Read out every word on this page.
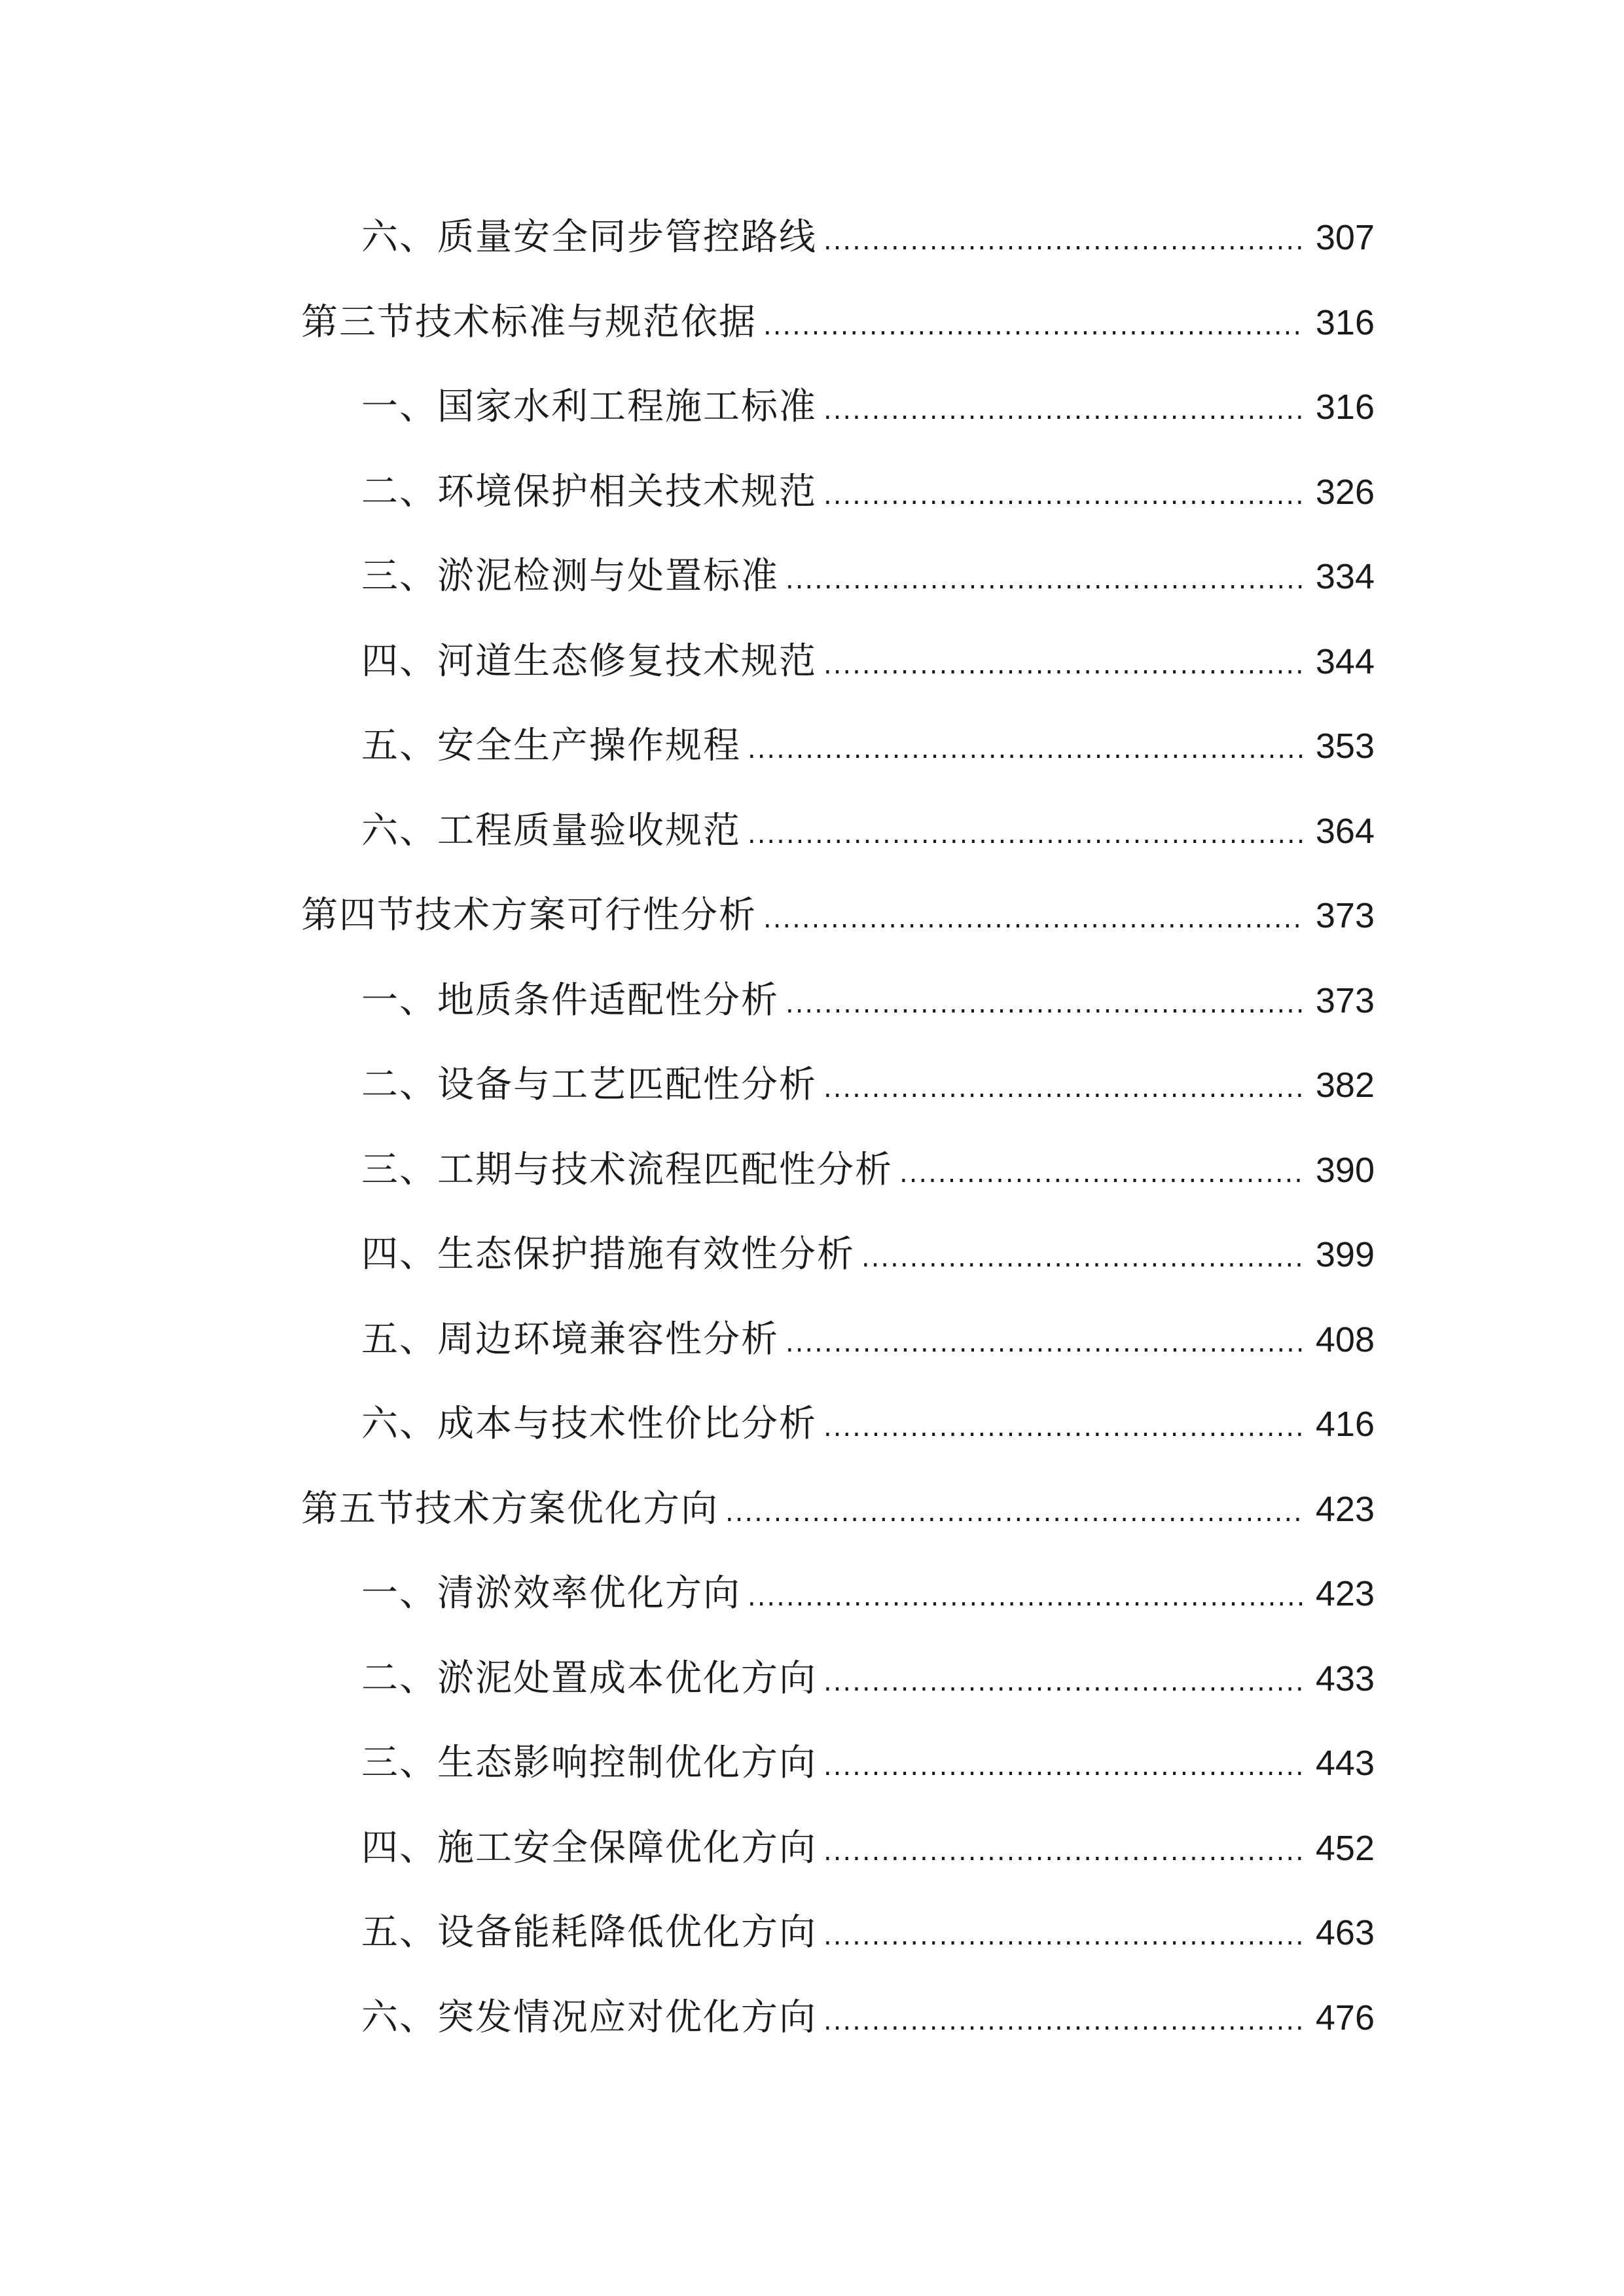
六、质量安全同步管控路线 .....	307
第三节技术标准与规范依据 .....	316
一、国家水利工程施工标准 .....	316
二、环境保护相关技术规范 .....	326
三、淤泥检测与处置标准 .....	334
四、河道生态修复技术规范 .....	344
五、安全生产操作规程 .....	353
六、工程质量验收规范 .....	364
第四节技术方案可行性分析 .....	373
一、地质条件适配性分析 .....	373
二、设备与工艺匹配性分析 .....	382
三、工期与技术流程匹配性分析 .....	390
四、生态保护措施有效性分析 .....	399
五、周边环境兼容性分析 .....	408
六、成本与技术性价比分析 .....	416
第五节技术方案优化方向 .....	423
一、清淤效率优化方向 .....	423
二、淤泥处置成本优化方向 .....	433
三、生态影响控制优化方向 .....	443
四、施工安全保障优化方向 .....	452
五、设备能耗降低优化方向 .....	463
六、突发情况应对优化方向 .....	476
